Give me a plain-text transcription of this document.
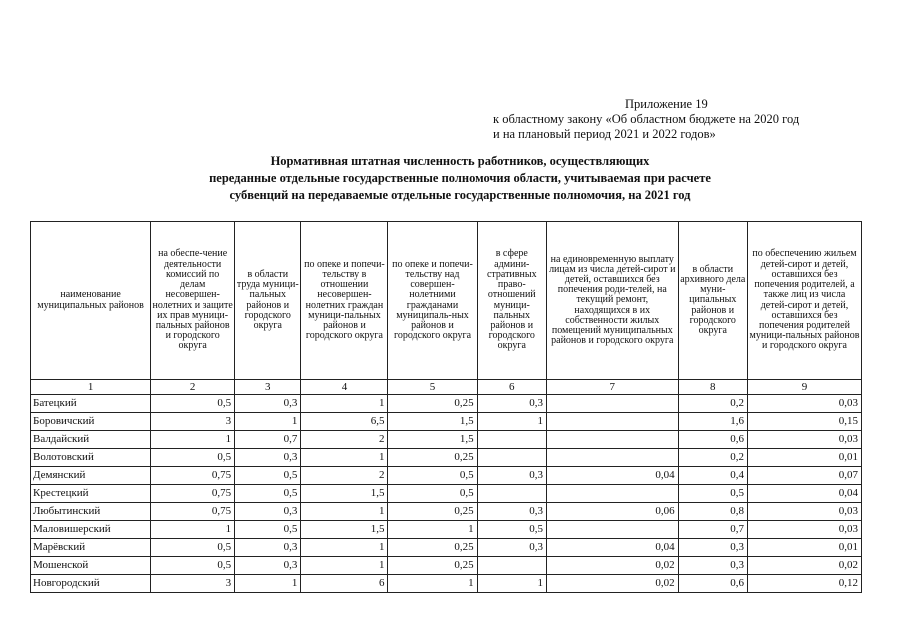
Приложение 19
к областному закону «Об областном бюджете на 2020 год
и на плановый период 2021 и 2022 годов»
Нормативная штатная численность работников, осуществляющих
переданные отдельные государственные полномочия области, учитываемая при расчете
субвенций на передаваемые отдельные государственные полномочия, на 2021 год
наименование муниципальных районов	на обеспе-чение деятельности комиссий по делам несовершен-нолетних и защите их прав муници-пальных районов и городского округа	в области труда муници-пальных районов и городского округа	по опеке и попечи-тельству в отношении несовершен-нолетних граждан муници-пальных районов и городского округа	по опеке и попечи-тельству над совершен-нолетними гражданами муниципаль-ных районов и городского округа	в сфере админи-стративных право-отношений муници-пальных районов и городского округа	на единовременную выплату лицам из числа детей-сирот и детей, оставшихся без попечения роди-телей, на текущий ремонт, находящихся в их собственности жилых помещений муниципальных районов и городского округа	в области архивного дела муни-ципальных районов и городского округа	по обеспечению жильем детей-сирот и детей, оставшихся без попечения родителей, а также лиц из числа детей-сирот и детей, оставшихся без попечения родителей муници-пальных районов и городского округа
1	2	3	4	5	6	7	8	9
Батецкий	0,5	0,3	1	0,25	0,3		0,2	0,03
Боровичский	3	1	6,5	1,5	1		1,6	0,15
Валдайский	1	0,7	2	1,5			0,6	0,03
Волотовский	0,5	0,3	1	0,25			0,2	0,01
Демянский	0,75	0,5	2	0,5	0,3	0,04	0,4	0,07
Крестецкий	0,75	0,5	1,5	0,5			0,5	0,04
Любытинский	0,75	0,3	1	0,25	0,3	0,06	0,8	0,03
Маловишерский	1	0,5	1,5	1	0,5		0,7	0,03
Марёвский	0,5	0,3	1	0,25	0,3	0,04	0,3	0,01
Мошенской	0,5	0,3	1	0,25		0,02	0,3	0,02
Новгородский	3	1	6	1	1	0,02	0,6	0,12
